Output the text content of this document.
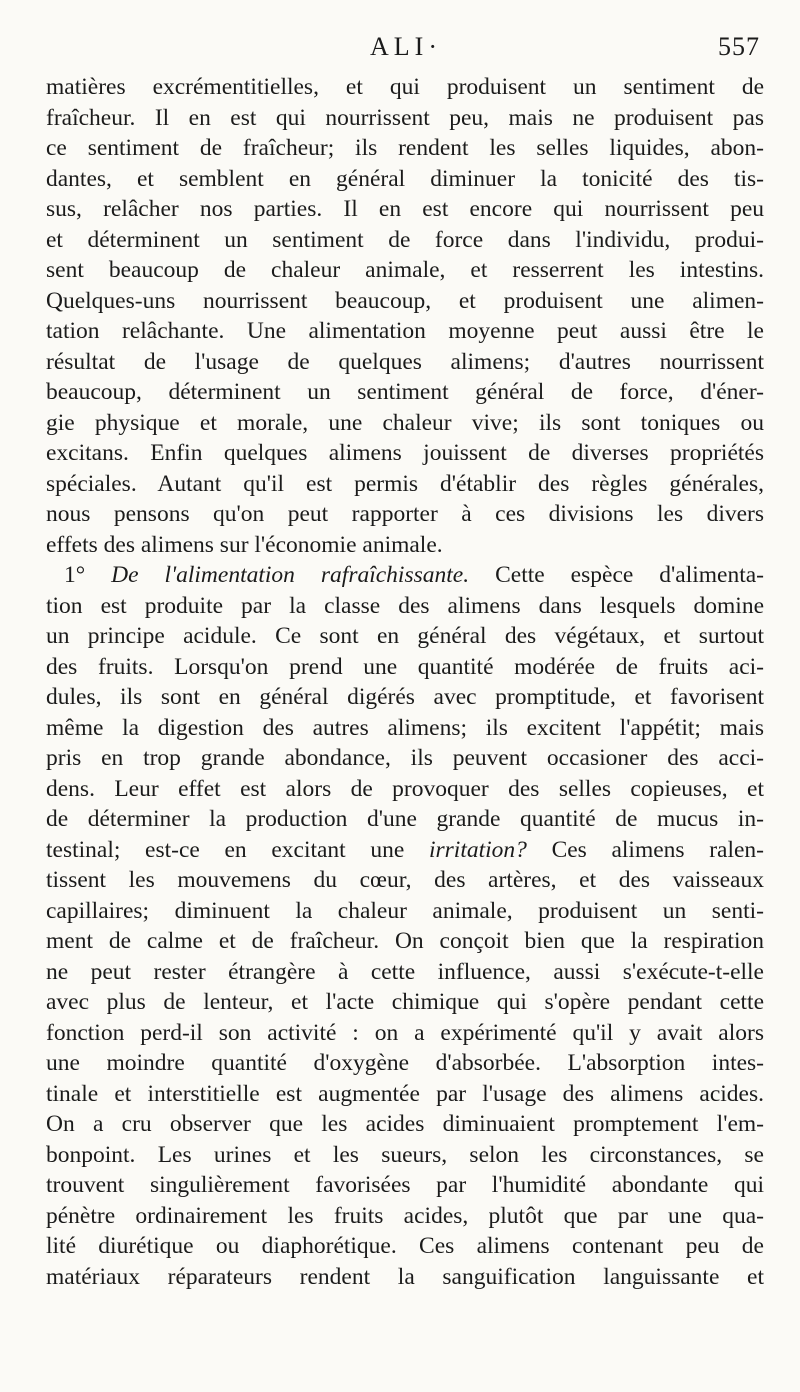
ALI·	557
matières excrémentitielles, et qui produisent un sentiment de
fraîcheur. Il en est qui nourrissent peu, mais ne produisent pas
ce sentiment de fraîcheur; ils rendent les selles liquides, abon-
dantes, et semblent en général diminuer la tonicité des tis-
sus, relâcher nos parties. Il en est encore qui nourrissent peu
et déterminent un sentiment de force dans l'individu, produi-
sent beaucoup de chaleur animale, et resserrent les intestins.
Quelques-uns nourrissent beaucoup, et produisent une alimen-
tation relâchante. Une alimentation moyenne peut aussi être le
résultat de l'usage de quelques alimens; d'autres nourrissent
beaucoup, déterminent un sentiment général de force, d'éner-
gie physique et morale, une chaleur vive; ils sont toniques ou
excitans. Enfin quelques alimens jouissent de diverses propriétés
spéciales. Autant qu'il est permis d'établir des règles générales,
nous pensons qu'on peut rapporter à ces divisions les divers
effets des alimens sur l'économie animale.
1° De l'alimentation rafraîchissante. Cette espèce d'alimenta-
tion est produite par la classe des alimens dans lesquels domine
un principe acidule. Ce sont en général des végétaux, et surtout
des fruits. Lorsqu'on prend une quantité modérée de fruits aci-
dules, ils sont en général digérés avec promptitude, et favorisent
même la digestion des autres alimens; ils excitent l'appétit; mais
pris en trop grande abondance, ils peuvent occasioner des acci-
dens. Leur effet est alors de provoquer des selles copieuses, et
de déterminer la production d'une grande quantité de mucus in-
testinal; est-ce en excitant une irritation? Ces alimens ralen-
tissent les mouvemens du cœur, des artères, et des vaisseaux
capillaires; diminuent la chaleur animale, produisent un senti-
ment de calme et de fraîcheur. On conçoit bien que la respiration
ne peut rester étrangère à cette influence, aussi s'exécute-t-elle
avec plus de lenteur, et l'acte chimique qui s'opère pendant cette
fonction perd-il son activité : on a expérimenté qu'il y avait alors
une moindre quantité d'oxygène d'absorbée. L'absorption intes-
tinale et interstitielle est augmentée par l'usage des alimens acides.
On a cru observer que les acides diminuaient promptement l'em-
bonpoint. Les urines et les sueurs, selon les circonstances, se
trouvent singulièrement favorisées par l'humidité abondante qui
pénètre ordinairement les fruits acides, plutôt que par une qua-
lité diurétique ou diaphorétique. Ces alimens contenant peu de
matériaux réparateurs rendent la sanguification languissante et
